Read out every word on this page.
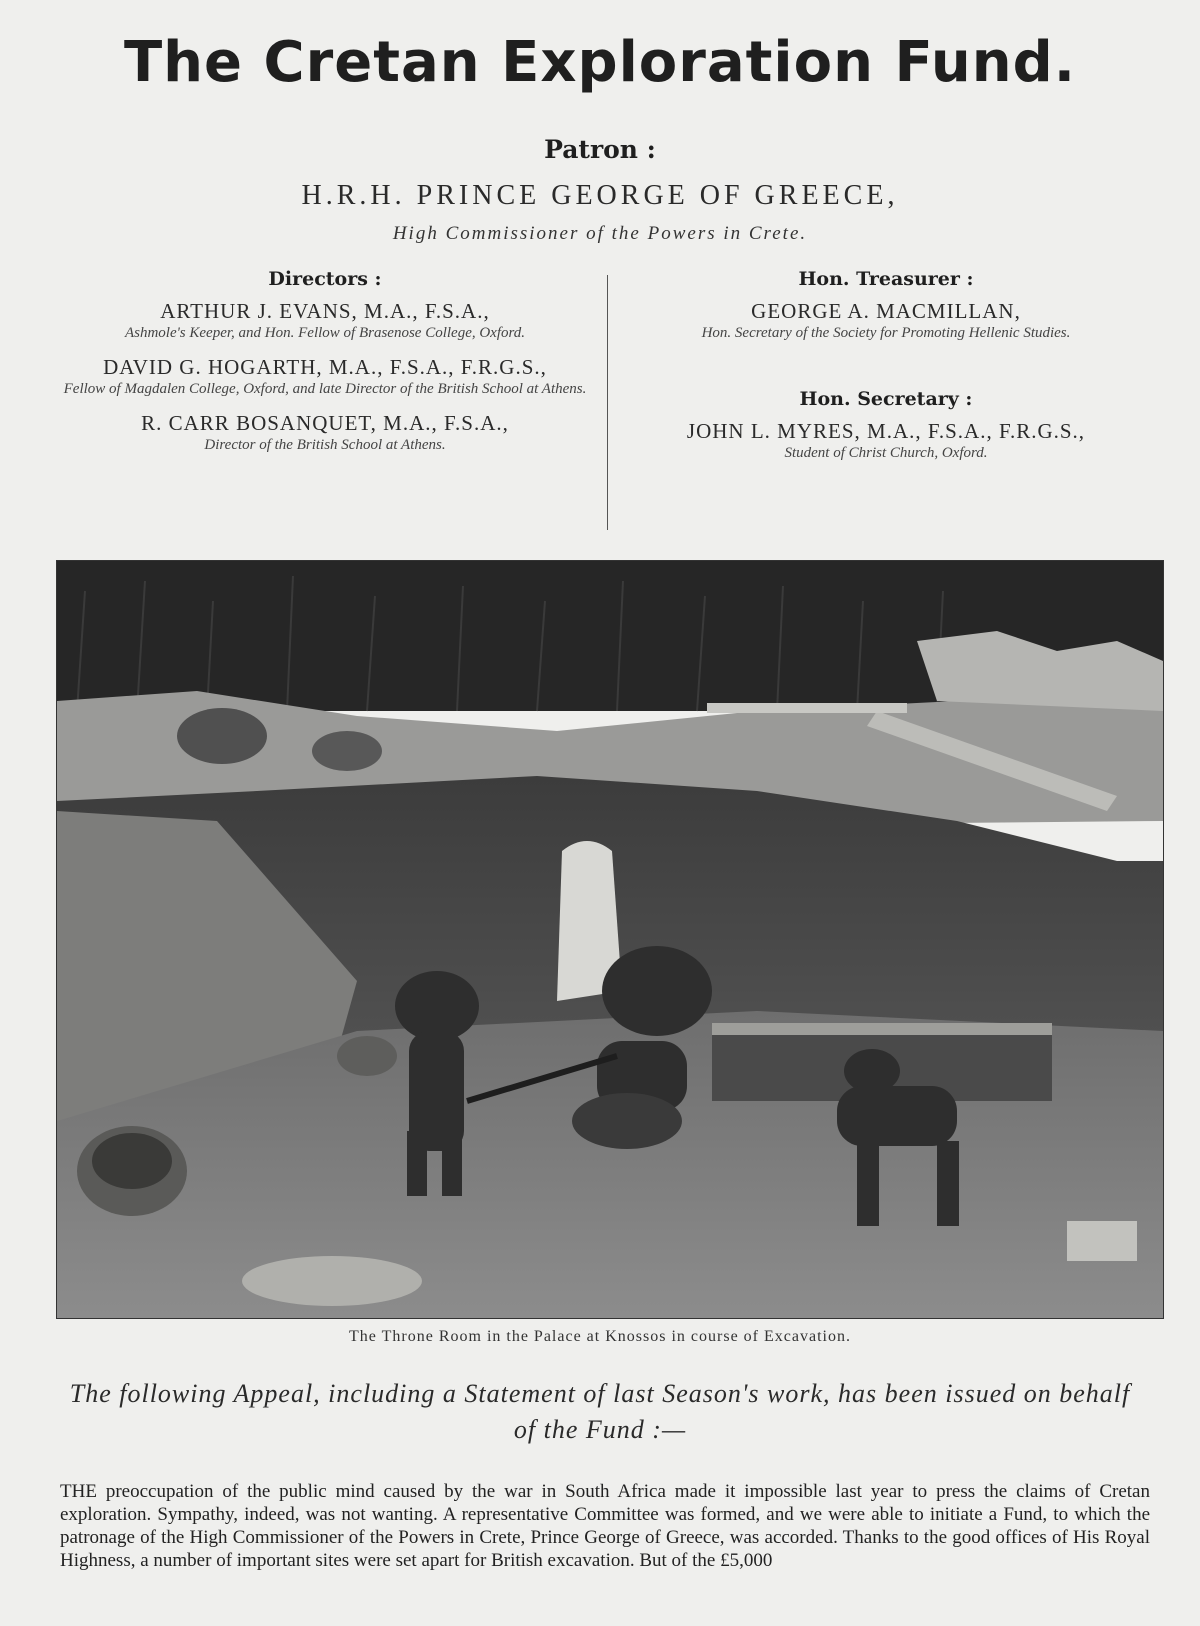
The Cretan Exploration Fund.
Patron :
H.R.H. PRINCE GEORGE OF GREECE,
High Commissioner of the Powers in Crete.

Directors :

ARTHUR J. EVANS, M.A., F.S.A.,

Ashmole's Keeper, and Hon. Fellow of Brasenose College, Oxford.

DAVID G. HOGARTH, M.A., F.S.A., F.R.G.S.,

Fellow of Magdalen College, Oxford, and late Director of the British School at Athens.

R. CARR BOSANQUET, M.A., F.S.A.,

Director of the British School at Athens.

Hon. Treasurer :

GEORGE A. MACMILLAN,

Hon. Secretary of the Society for Promoting Hellenic Studies.

Hon. Secretary :

JOHN L. MYRES, M.A., F.S.A., F.R.G.S.,

Student of Christ Church, Oxford.

The Throne Room in the Palace at Knossos in course of Excavation.
The following Appeal, including a Statement of last Season's work, has been issued on behalf of the Fund :—
THE preoccupation of the public mind caused by the war in South Africa made it impossible last year to press the claims of Cretan exploration. Sympathy, indeed, was not wanting. A representative Committee was formed, and we were able to initiate a Fund, to which the patronage of the High Commissioner of the Powers in Crete, Prince George of Greece, was accorded. Thanks to the good offices of His Royal Highness, a number of important sites were set apart for British excavation. But of the £5,000
